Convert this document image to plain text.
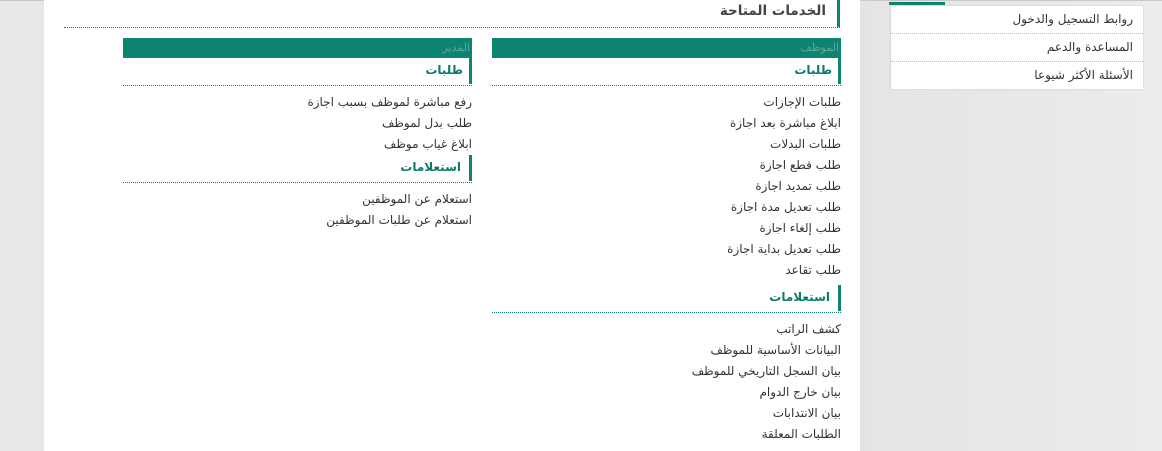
روابط التسجيل والدخول
المساعدة والدعم
الأسئلة الأكثر شيوعا
الخدمات المتاحة
الموظف
طلبات
طلبات الإجازات
ابلاغ مباشرة بعد اجازة
طلبات البدلات
طلب قطع اجازة
طلب تمديد اجازة
طلب تعديل مدة اجازة
طلب إلغاء اجازة
طلب تعديل بداية اجازة
طلب تقاعد
استعلامات
كشف الراتب
البيانات الأساسية للموظف
بيان السجل التاريخي للموظف
بيان خارج الدوام
بيان الانتدابات
الطلبات المعلقة
المدير
طلبات
رفع مباشرة لموظف بسبب اجازة
طلب بدل لموظف
ابلاغ غياب موظف
استعلامات
استعلام عن الموظفين
استعلام عن طلبات الموظفين
